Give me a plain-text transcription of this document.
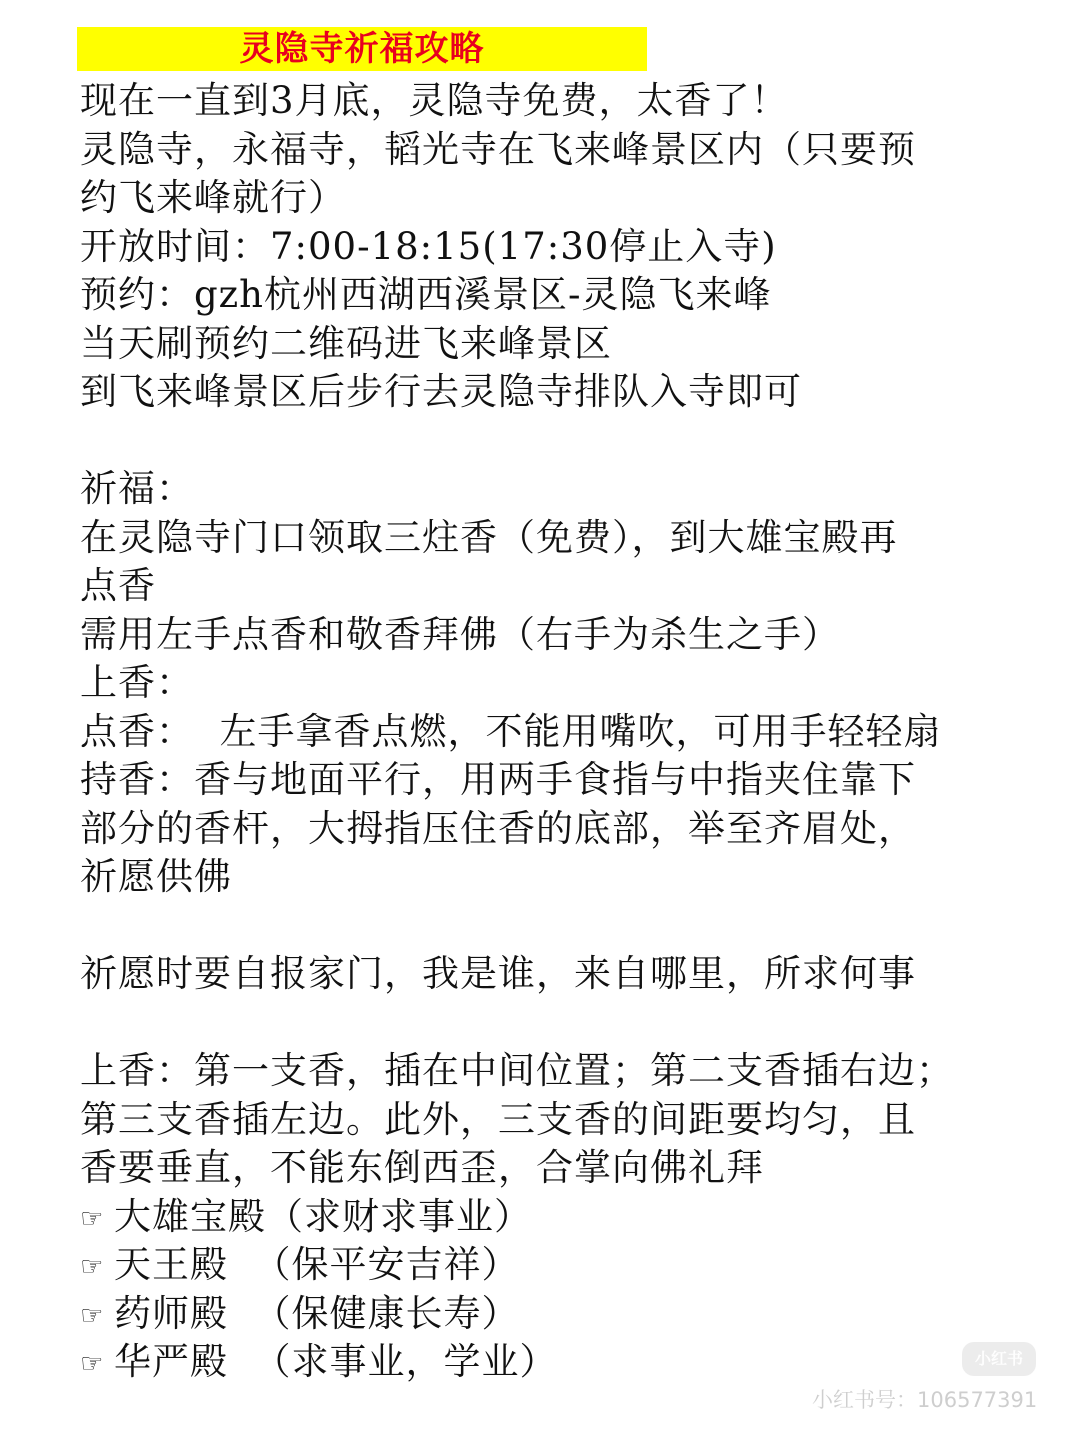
灵隐寺祈福攻略
现在一直到3月底，灵隐寺免费，太香了！
灵隐寺，永福寺，韬光寺在飞来峰景区内（只要预
约飞来峰就行）
开放时间：7:00-18:15(17:30停止入寺)
预约：gzh杭州西湖西溪景区-灵隐飞来峰
当天刷预约二维码进飞来峰景区
到飞来峰景区后步行去灵隐寺排队入寺即可
祈福：
在灵隐寺门口领取三炷香（免费），到大雄宝殿再
点香
需用左手点香和敬香拜佛（右手为杀生之手）
上香：
点香：  左手拿香点燃，不能用嘴吹，可用手轻轻扇
持香：香与地面平行，用两手食指与中指夹住靠下
部分的香杆，大拇指压住香的底部，举至齐眉处，
祈愿供佛
祈愿时要自报家门，我是谁，来自哪里，所求何事
上香：第一支香，插在中间位置；第二支香插右边；
第三支香插左边。此外，三支香的间距要均匀，且
香要垂直，不能东倒西歪，合掌向佛礼拜
☞ 大雄宝殿（求财求事业）
☞ 天王殿  （保平安吉祥）
☞ 药师殿  （保健康长寿）
☞ 华严殿  （求事业，学业）	小红书
小红书号：106577391
